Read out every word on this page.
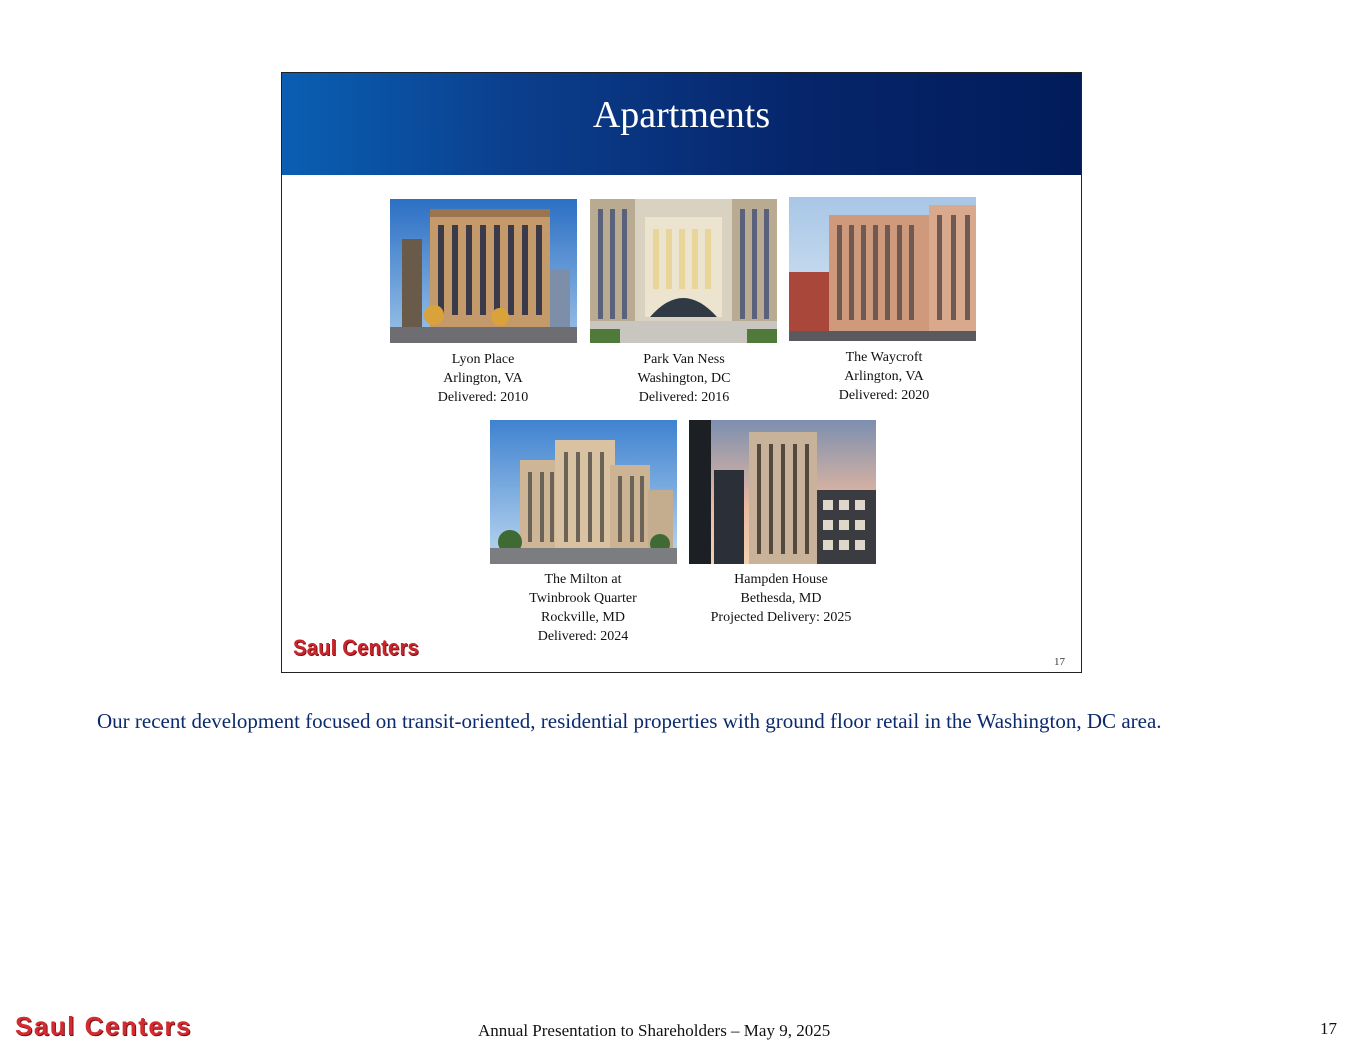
Apartments
Lyon Place
Arlington, VA
Delivered: 2010
Park Van Ness
Washington, DC
Delivered: 2016
The Waycroft
Arlington, VA
Delivered: 2020
The Milton at
Twinbrook Quarter
Rockville, MD
Delivered: 2024
Hampden House
Bethesda, MD
Projected Delivery: 2025
Saul Centers
17
Our recent development focused on transit-oriented, residential properties with ground floor retail in the Washington, DC area.
Saul Centers	Annual Presentation to Shareholders – May 9, 2025	17
